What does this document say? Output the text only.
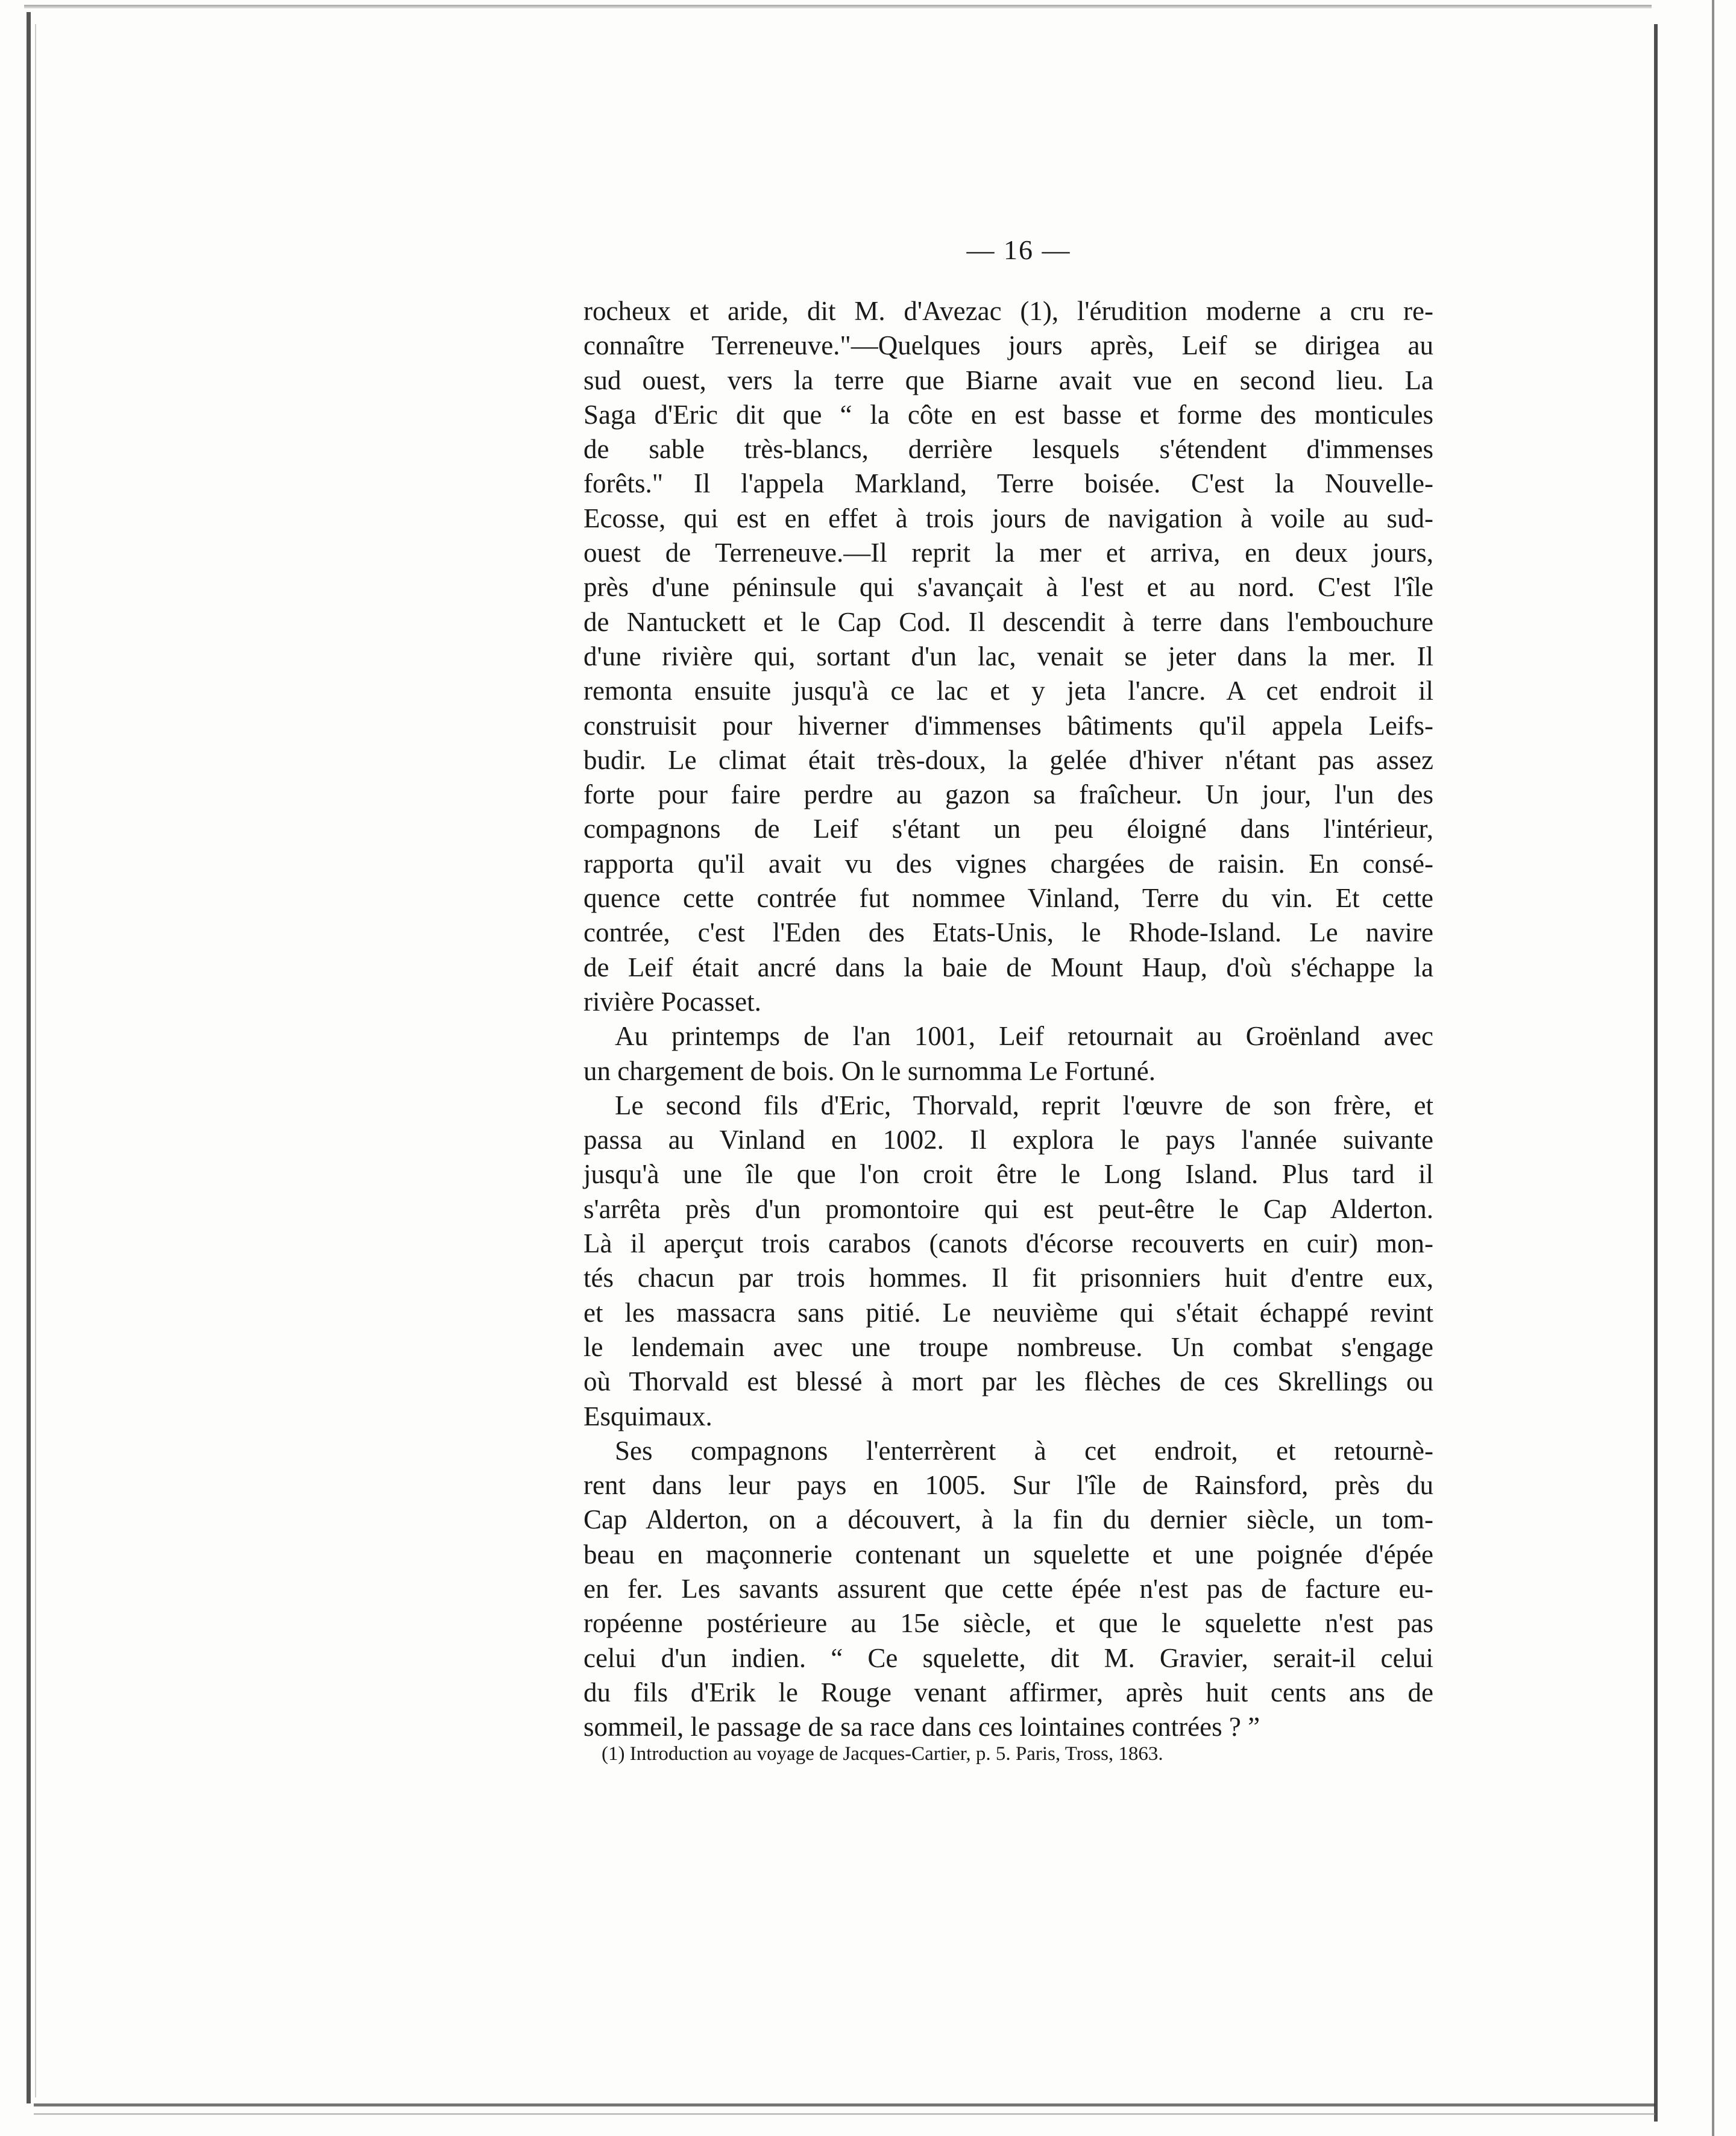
— 16 —
rocheux et aride, dit M. d'Avezac (1), l'érudition moderne a cru re-
connaître Terreneuve."—Quelques jours après, Leif se dirigea au
sud ouest, vers la terre que Biarne avait vue en second lieu. La
Saga d'Eric dit que “ la côte en est basse et forme des monticules
de sable très-blancs, derrière lesquels s'étendent d'immenses
forêts." Il l'appela Markland, Terre boisée. C'est la Nouvelle-
Ecosse, qui est en effet à trois jours de navigation à voile au sud-
ouest de Terreneuve.—Il reprit la mer et arriva, en deux jours,
près d'une péninsule qui s'avançait à l'est et au nord. C'est l'île
de Nantuckett et le Cap Cod. Il descendit à terre dans l'embouchure
d'une rivière qui, sortant d'un lac, venait se jeter dans la mer. Il
remonta ensuite jusqu'à ce lac et y jeta l'ancre. A cet endroit il
construisit pour hiverner d'immenses bâtiments qu'il appela Leifs-
budir. Le climat était très-doux, la gelée d'hiver n'étant pas assez
forte pour faire perdre au gazon sa fraîcheur. Un jour, l'un des
compagnons de Leif s'étant un peu éloigné dans l'intérieur,
rapporta qu'il avait vu des vignes chargées de raisin. En consé-
quence cette contrée fut nommee Vinland, Terre du vin. Et cette
contrée, c'est l'Eden des Etats-Unis, le Rhode-Island. Le navire
de Leif était ancré dans la baie de Mount Haup, d'où s'échappe la
rivière Pocasset.
Au printemps de l'an 1001, Leif retournait au Groënland avec
un chargement de bois. On le surnomma Le Fortuné.
Le second fils d'Eric, Thorvald, reprit l'œuvre de son frère, et
passa au Vinland en 1002. Il explora le pays l'année suivante
jusqu'à une île que l'on croit être le Long Island. Plus tard il
s'arrêta près d'un promontoire qui est peut-être le Cap Alderton.
Là il aperçut trois carabos (canots d'écorse recouverts en cuir) mon-
tés chacun par trois hommes. Il fit prisonniers huit d'entre eux,
et les massacra sans pitié. Le neuvième qui s'était échappé revint
le lendemain avec une troupe nombreuse. Un combat s'engage
où Thorvald est blessé à mort par les flèches de ces Skrellings ou
Esquimaux.
Ses compagnons l'enterrèrent à cet endroit, et retournè-
rent dans leur pays en 1005. Sur l'île de Rainsford, près du
Cap Alderton, on a découvert, à la fin du dernier siècle, un tom-
beau en maçonnerie contenant un squelette et une poignée d'épée
en fer. Les savants assurent que cette épée n'est pas de facture eu-
ropéenne postérieure au 15e siècle, et que le squelette n'est pas
celui d'un indien. “ Ce squelette, dit M. Gravier, serait-il celui
du fils d'Erik le Rouge venant affirmer, après huit cents ans de
sommeil, le passage de sa race dans ces lointaines contrées ? ”
(1) Introduction au voyage de Jacques-Cartier, p. 5. Paris, Tross, 1863.
